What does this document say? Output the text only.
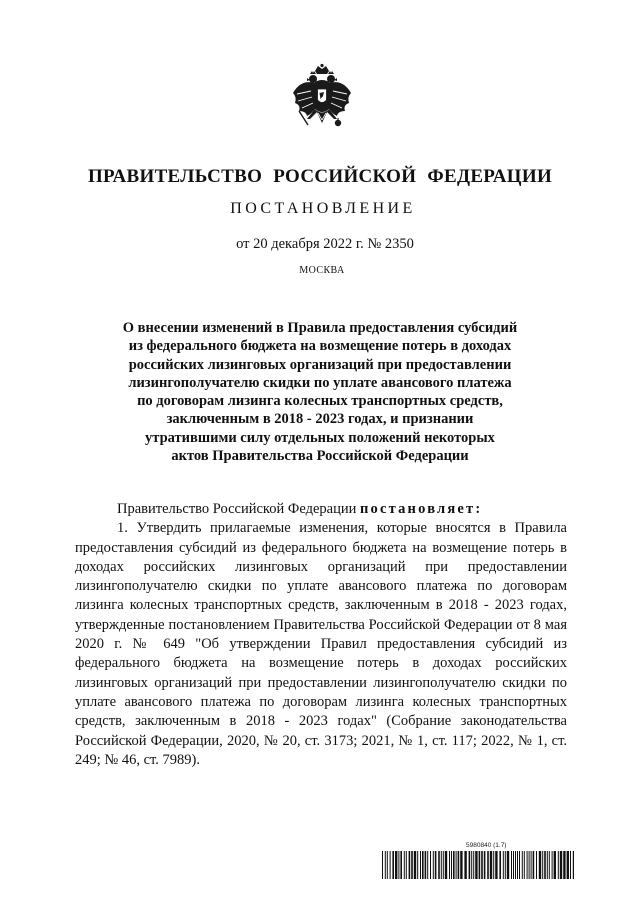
ПРАВИТЕЛЬСТВО РОССИЙСКОЙ ФЕДЕРАЦИИ
ПОСТАНОВЛЕНИЕ
от 20 декабря 2022 г. № 2350
МОСКВА
О внесении изменений в Правила предоставления субсидий
из федерального бюджета на возмещение потерь в доходах
российских лизинговых организаций при предоставлении
лизингополучателю скидки по уплате авансового платежа
по договорам лизинга колесных транспортных средств,
заключенным в 2018 - 2023 годах, и признании
утратившими силу отдельных положений некоторых
актов Правительства Российской Федерации

Правительство Российской Федерации постановляет:

1. Утвердить прилагаемые изменения, которые вносятся в Правила предоставления субсидий из федерального бюджета на возмещение потерь в доходах российских лизинговых организаций при предоставлении лизингополучателю скидки по уплате авансового платежа по договорам лизинга колесных транспортных средств, заключенным в 2018 - 2023 годах, утвержденные постановлением Правительства Российской Федерации от 8 мая 2020 г. № 649 "Об утверждении Правил предоставления субсидий из федерального бюджета на возмещение потерь в доходах российских лизинговых организаций при предоставлении лизингополучателю скидки по уплате авансового платежа по договорам лизинга колесных транспортных средств, заключенным в 2018 - 2023 годах" (Собрание законодательства Российской Федерации, 2020, № 20, ст. 3173; 2021, № 1, ст. 117; 2022, № 1, ст. 249; № 46, ст. 7989).

5980840 (1.7)
